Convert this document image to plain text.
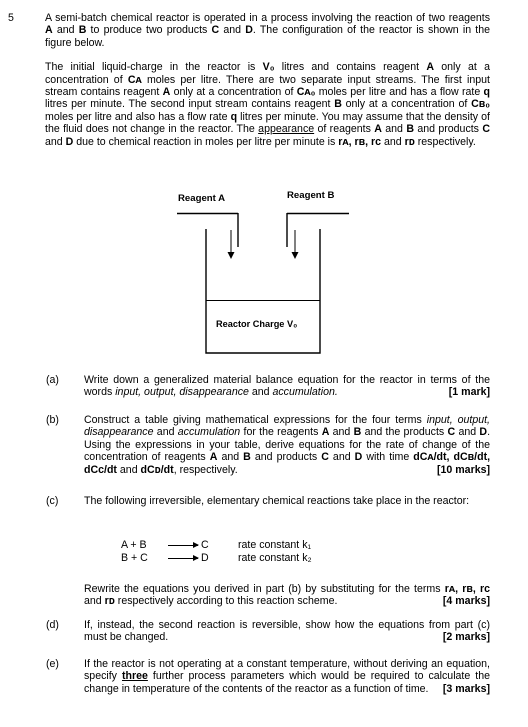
5	A semi-batch chemical reactor is operated in a process involving the reaction of two reagents A and B to produce two products C and D. The configuration of the reactor is shown in the figure below.

The initial liquid-charge in the reactor is V₀ litres and contains reagent A only at a concentration of Cᴀ moles per litre. There are two separate input streams. The first input stream contains reagent A only at a concentration of Cᴀ₀ moles per litre and has a flow rate q litres per minute. The second input stream contains reagent B only at a concentration of Cʙ₀ moles per litre and also has a flow rate q litres per minute. You may assume that the density of the fluid does not change in the reactor. The appearance of reagents A and B and products C and D due to chemical reaction in moles per litre per minute is rᴀ, rʙ, rᴄ and rᴅ respectively.

Reagent A	Reagent B
Reactor Charge V₀
(a) Write down a generalized material balance equation for the reactor in terms of the words input, output, disappearance and accumulation.	[1 mark]
(b) Construct a table giving mathematical expressions for the four terms input, output, disappearance and accumulation for the reagents A and B and the products C and D. Using the expressions in your table, derive equations for the rate of change of the concentration of reagents A and B and products C and D with time dCᴀ/dt, dCʙ/dt, dCᴄ/dt and dCᴅ/dt, respectively.	[10 marks]
(c) The following irreversible, elementary chemical reactions take place in the reactor:
A + B → C	rate constant k₁
B + C → D	rate constant k₂
Rewrite the equations you derived in part (b) by substituting for the terms rᴀ, rʙ, rᴄ and rᴅ respectively according to this reaction scheme.	[4 marks]
(d) If, instead, the second reaction is reversible, show how the equations from part (c) must be changed.	[2 marks]
(e) If the reactor is not operating at a constant temperature, without deriving an equation, specify three further process parameters which would be required to calculate the change in temperature of the contents of the reactor as a function of time. [3 marks]
